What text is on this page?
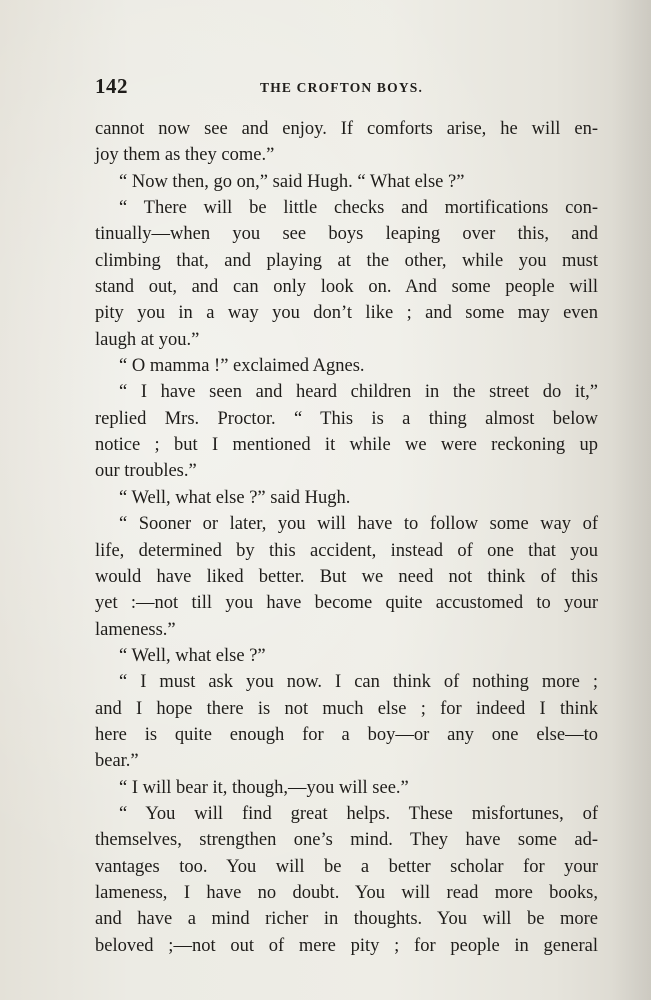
142	THE CROFTON BOYS.
cannot now see and enjoy. If comforts arise, he will en-
joy them as they come.”
“ Now then, go on,” said Hugh. “ What else ?”
“ There will be little checks and mortifications con-
tinually—when you see boys leaping over this, and
climbing that, and playing at the other, while you must
stand out, and can only look on. And some people will
pity you in a way you don’t like ; and some may even
laugh at you.”
“ O mamma !” exclaimed Agnes.
“ I have seen and heard children in the street do it,”
replied Mrs. Proctor. “ This is a thing almost below
notice ; but I mentioned it while we were reckoning up
our troubles.”
“ Well, what else ?” said Hugh.
“ Sooner or later, you will have to follow some way of
life, determined by this accident, instead of one that you
would have liked better. But we need not think of this
yet :—not till you have become quite accustomed to your
lameness.”
“ Well, what else ?”
“ I must ask you now. I can think of nothing more ;
and I hope there is not much else ; for indeed I think
here is quite enough for a boy—or any one else—to
bear.”
“ I will bear it, though,—you will see.”
“ You will find great helps. These misfortunes, of
themselves, strengthen one’s mind. They have some ad-
vantages too. You will be a better scholar for your
lameness, I have no doubt. You will read more books,
and have a mind richer in thoughts. You will be more
beloved ;—not out of mere pity ; for people in general
